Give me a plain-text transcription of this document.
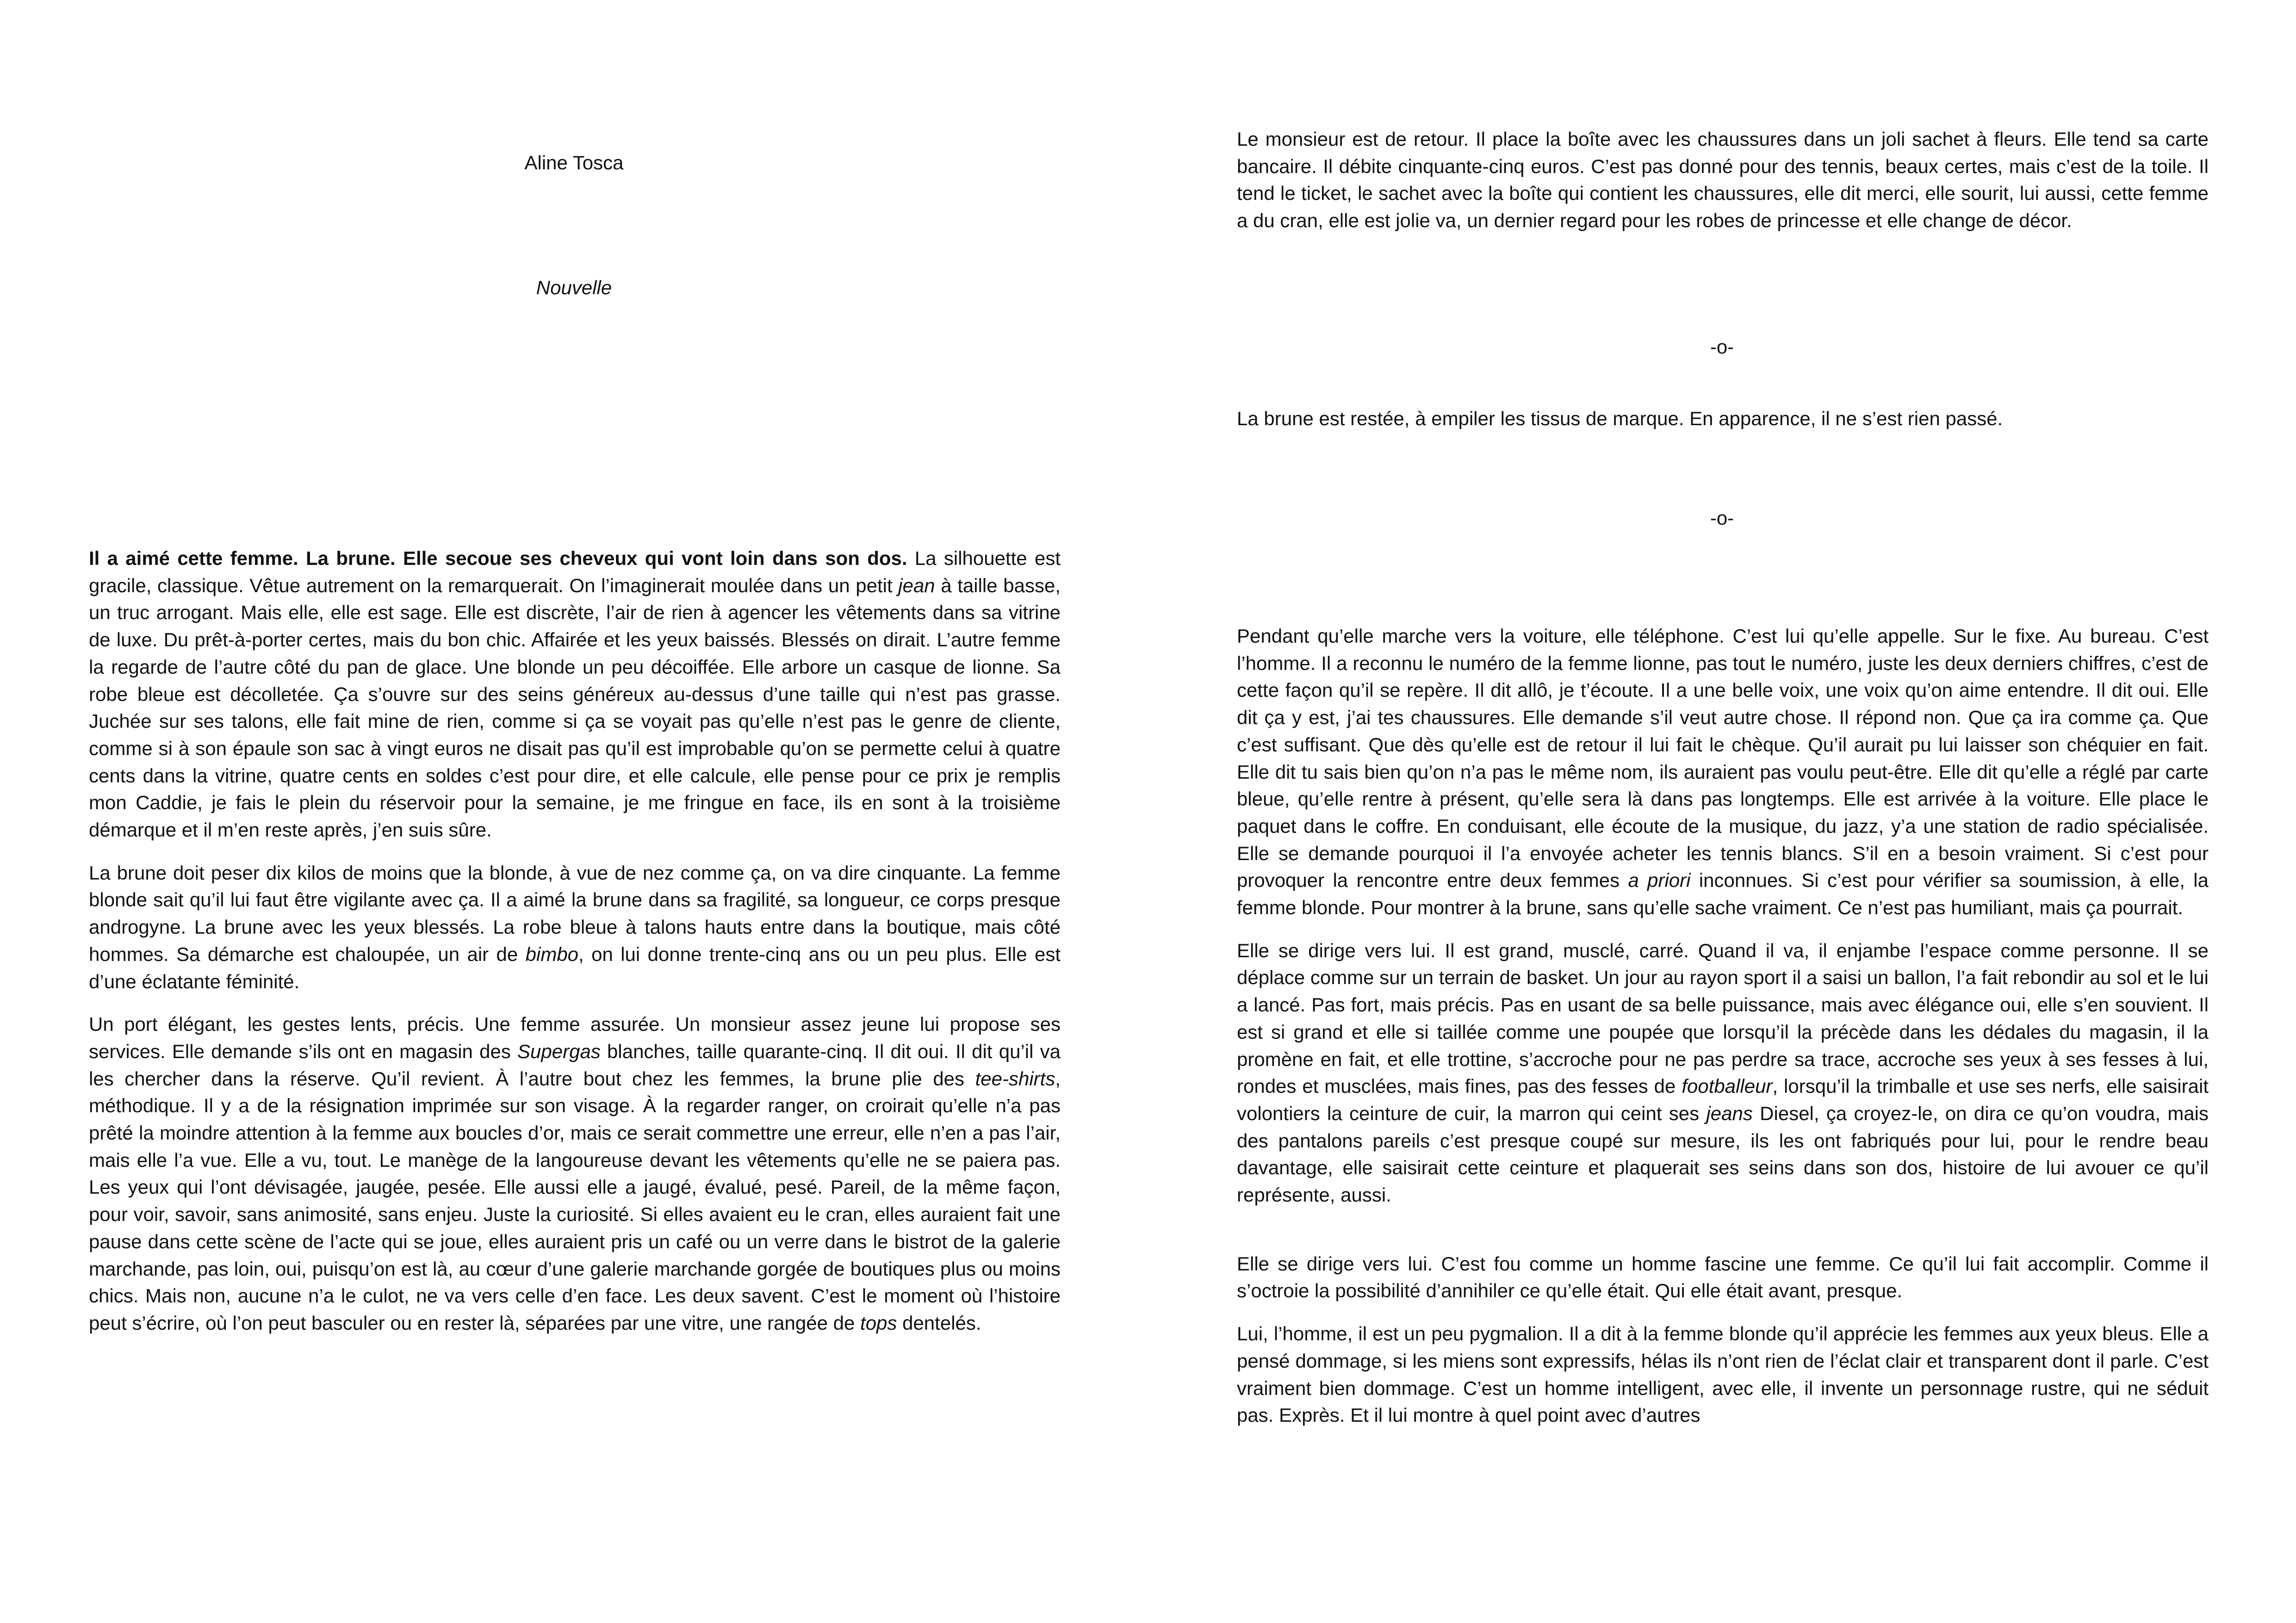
Aline Tosca
Nouvelle

Il a aimé cette femme. La brune. Elle secoue ses cheveux qui vont loin dans son dos. La silhouette est gracile, classique. Vêtue autrement on la remarquerait. On l’imaginerait moulée dans un petit jean à taille basse, un truc arrogant. Mais elle, elle est sage. Elle est discrète, l’air de rien à agencer les vêtements dans sa vitrine de luxe. Du prêt-à-porter certes, mais du bon chic. Affairée et les yeux baissés. Blessés on dirait. L’autre femme la regarde de l’autre côté du pan de glace. Une blonde un peu décoiffée. Elle arbore un casque de lionne. Sa robe bleue est décolletée. Ça s’ouvre sur des seins généreux au-dessus d’une taille qui n’est pas grasse. Juchée sur ses talons, elle fait mine de rien, comme si ça se voyait pas qu’elle n’est pas le genre de cliente, comme si à son épaule son sac à vingt euros ne disait pas qu’il est improbable qu’on se permette celui à quatre cents dans la vitrine, quatre cents en soldes c’est pour dire, et elle calcule, elle pense pour ce prix je remplis mon Caddie, je fais le plein du réservoir pour la semaine, je me fringue en face, ils en sont à la troisième démarque et il m’en reste après, j’en suis sûre.

La brune doit peser dix kilos de moins que la blonde, à vue de nez comme ça, on va dire cinquante. La femme blonde sait qu’il lui faut être vigilante avec ça. Il a aimé la brune dans sa fragilité, sa longueur, ce corps presque androgyne. La brune avec les yeux blessés. La robe bleue à talons hauts entre dans la boutique, mais côté hommes. Sa démarche est chaloupée, un air de bimbo, on lui donne trente-cinq ans ou un peu plus. Elle est d’une éclatante féminité.

Un port élégant, les gestes lents, précis. Une femme assurée. Un monsieur assez jeune lui propose ses services. Elle demande s’ils ont en magasin des Supergas blanches, taille quarante-cinq. Il dit oui. Il dit qu’il va les chercher dans la réserve. Qu’il revient. À l’autre bout chez les femmes, la brune plie des tee-shirts, méthodique. Il y a de la résignation imprimée sur son visage. À la regarder ranger, on croirait qu’elle n’a pas prêté la moindre attention à la femme aux boucles d’or, mais ce serait commettre une erreur, elle n’en a pas l’air, mais elle l’a vue. Elle a vu, tout. Le manège de la langoureuse devant les vêtements qu’elle ne se paiera pas. Les yeux qui l’ont dévisagée, jaugée, pesée. Elle aussi elle a jaugé, évalué, pesé. Pareil, de la même façon, pour voir, savoir, sans animosité, sans enjeu. Juste la curiosité. Si elles avaient eu le cran, elles auraient fait une pause dans cette scène de l’acte qui se joue, elles auraient pris un café ou un verre dans le bistrot de la galerie marchande, pas loin, oui, puisqu’on est là, au cœur d’une galerie marchande gorgée de boutiques plus ou moins chics. Mais non, aucune n’a le culot, ne va vers celle d’en face. Les deux savent. C’est le moment où l’histoire peut s’écrire, où l’on peut basculer ou en rester là, séparées par une vitre, une rangée de tops dentelés.

Le monsieur est de retour. Il place la boîte avec les chaussures dans un joli sachet à fleurs. Elle tend sa carte bancaire. Il débite cinquante-cinq euros. C’est pas donné pour des tennis, beaux certes, mais c’est de la toile. Il tend le ticket, le sachet avec la boîte qui contient les chaussures, elle dit merci, elle sourit, lui aussi, cette femme a du cran, elle est jolie va, un dernier regard pour les robes de princesse et elle change de décor.

-o-

La brune est restée, à empiler les tissus de marque. En apparence, il ne s’est rien passé.

-o-

Pendant qu’elle marche vers la voiture, elle téléphone. C’est lui qu’elle appelle. Sur le fixe. Au bureau. C’est l’homme. Il a reconnu le numéro de la femme lionne, pas tout le numéro, juste les deux derniers chiffres, c’est de cette façon qu’il se repère. Il dit allô, je t’écoute. Il a une belle voix, une voix qu’on aime entendre. Il dit oui. Elle dit ça y est, j’ai tes chaussures. Elle demande s’il veut autre chose. Il répond non. Que ça ira comme ça. Que c’est suffisant. Que dès qu’elle est de retour il lui fait le chèque. Qu’il aurait pu lui laisser son chéquier en fait. Elle dit tu sais bien qu’on n’a pas le même nom, ils auraient pas voulu peut-être. Elle dit qu’elle a réglé par carte bleue, qu’elle rentre à présent, qu’elle sera là dans pas longtemps. Elle est arrivée à la voiture. Elle place le paquet dans le coffre. En conduisant, elle écoute de la musique, du jazz, y’a une station de radio spécialisée. Elle se demande pourquoi il l’a envoyée acheter les tennis blancs. S’il en a besoin vraiment. Si c’est pour provoquer la rencontre entre deux femmes a priori inconnues. Si c’est pour vérifier sa soumission, à elle, la femme blonde. Pour montrer à la brune, sans qu’elle sache vraiment. Ce n’est pas humiliant, mais ça pourrait.

Elle se dirige vers lui. Il est grand, musclé, carré. Quand il va, il enjambe l’espace comme personne. Il se déplace comme sur un terrain de basket. Un jour au rayon sport il a saisi un ballon, l’a fait rebondir au sol et le lui a lancé. Pas fort, mais précis. Pas en usant de sa belle puissance, mais avec élégance oui, elle s’en souvient. Il est si grand et elle si taillée comme une poupée que lorsqu’il la précède dans les dédales du magasin, il la promène en fait, et elle trottine, s’accroche pour ne pas perdre sa trace, accroche ses yeux à ses fesses à lui, rondes et musclées, mais fines, pas des fesses de footballeur, lorsqu’il la trimballe et use ses nerfs, elle saisirait volontiers la ceinture de cuir, la marron qui ceint ses jeans Diesel, ça croyez-le, on dira ce qu’on voudra, mais des pantalons pareils c’est presque coupé sur mesure, ils les ont fabriqués pour lui, pour le rendre beau davantage, elle saisirait cette ceinture et plaquerait ses seins dans son dos, histoire de lui avouer ce qu’il représente, aussi.

Elle se dirige vers lui. C’est fou comme un homme fascine une femme. Ce qu’il lui fait accomplir. Comme il s’octroie la possibilité d’annihiler ce qu’elle était. Qui elle était avant, presque.

Lui, l’homme, il est un peu pygmalion. Il a dit à la femme blonde qu’il apprécie les femmes aux yeux bleus. Elle a pensé dommage, si les miens sont expressifs, hélas ils n’ont rien de l’éclat clair et transparent dont il parle. C’est vraiment bien dommage. C’est un homme intelligent, avec elle, il invente un personnage rustre, qui ne séduit pas. Exprès. Et il lui montre à quel point avec d’autres
